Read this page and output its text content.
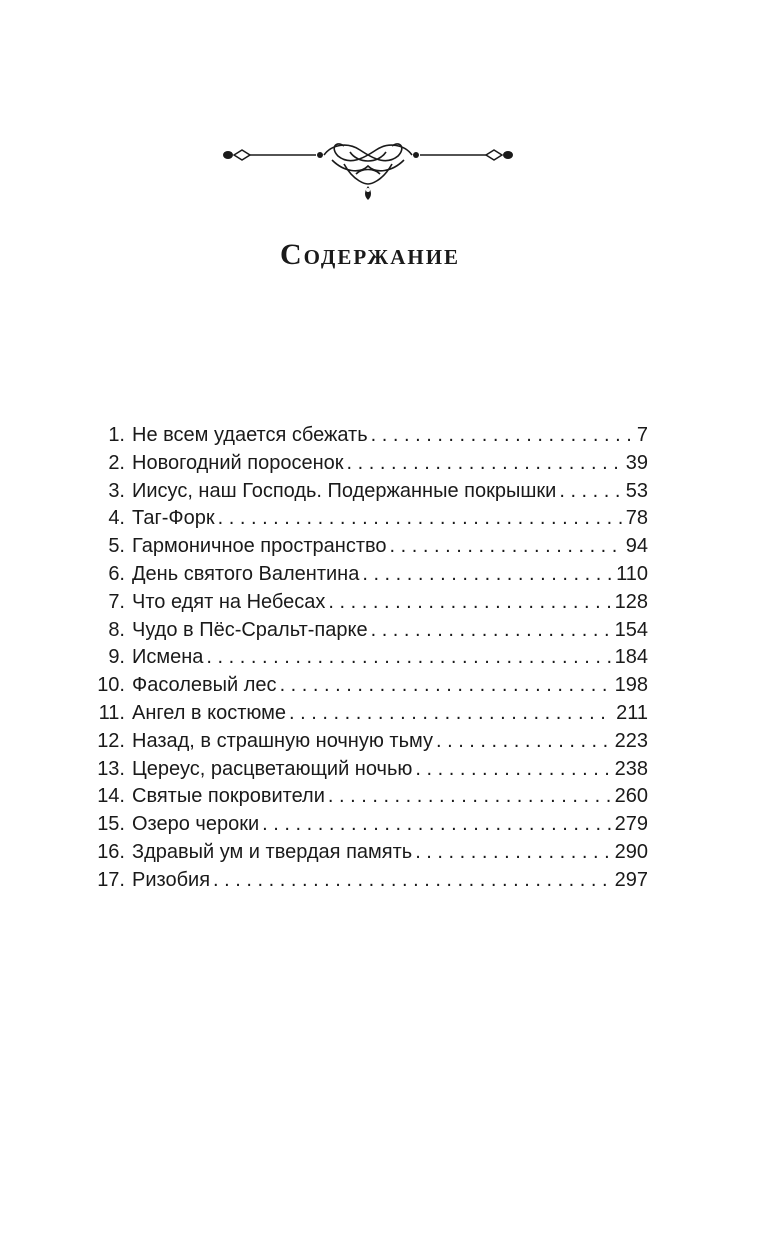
Содержание
1. Не всем удается сбежать . . .	7
2. Новогодний поросенок . . .	39
3. Иисус, наш Господь. Подержанные покрышки . . .	53
4. Таг-Форк . . .	78
5. Гармоничное пространство . . .	94
6. День святого Валентина . . .	110
7. Что едят на Небесах . . .	128
8. Чудо в Пёс-Сральт-парке . . .	154
9. Исмена . . .	184
10. Фасолевый лес . . .	198
11. Ангел в костюме . . .	211
12. Назад, в страшную ночную тьму . . .	223
13. Цереус, расцветающий ночью . . .	238
14. Святые покровители . . .	260
15. Озеро чероки . . .	279
16. Здравый ум и твердая память . . .	290
17. Ризобия . . .	297
